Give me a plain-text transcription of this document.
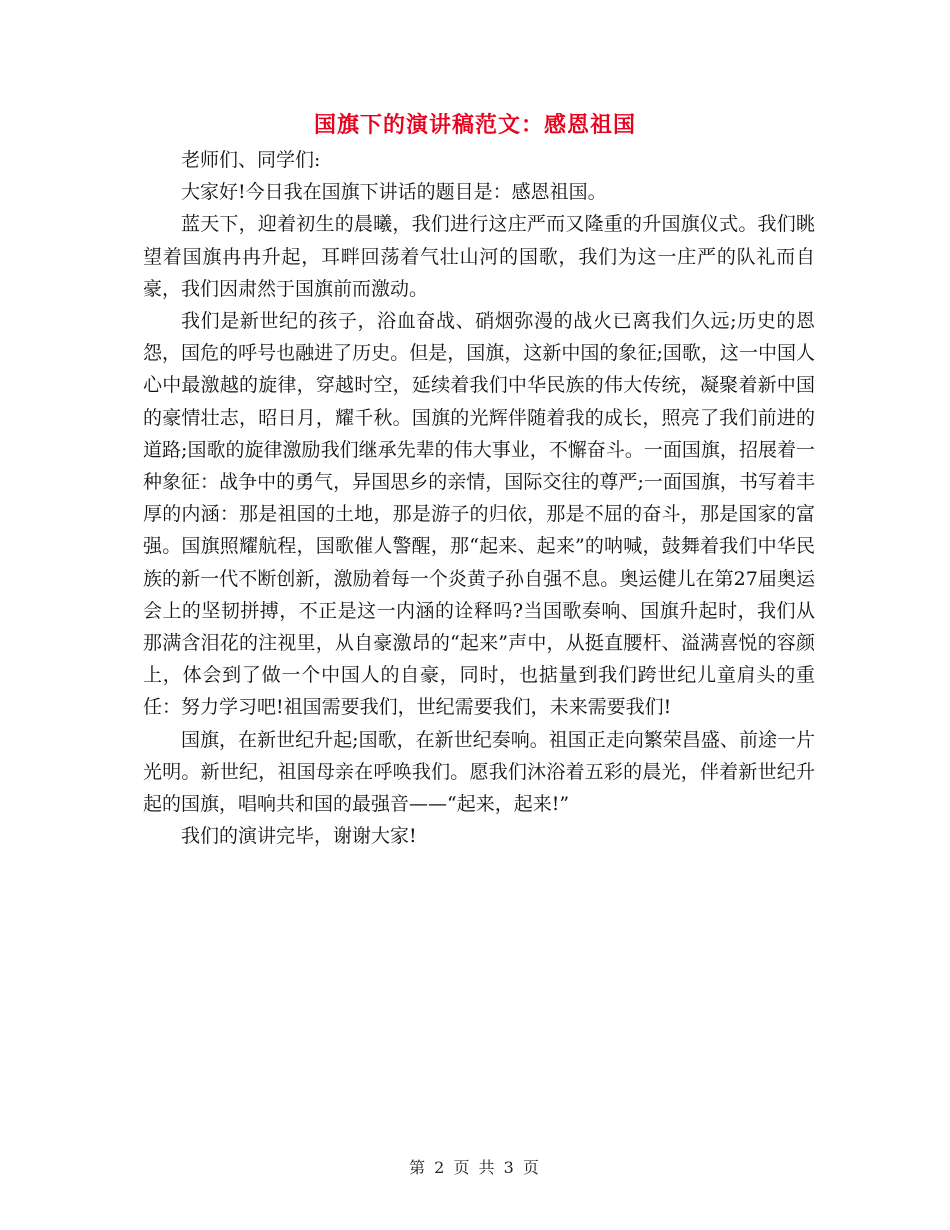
国旗下的演讲稿范文：感恩祖国

老师们、同学们:

大家好!今日我在国旗下讲话的题目是：感恩祖国。

蓝天下，迎着初生的晨曦，我们进行这庄严而又隆重的升国旗仪式。我们眺望着国旗冉冉升起，耳畔回荡着气壮山河的国歌，我们为这一庄严的队礼而自豪，我们因肃然于国旗前而激动。

我们是新世纪的孩子，浴血奋战、硝烟弥漫的战火已离我们久远;历史的恩怨，国危的呼号也融进了历史。但是，国旗，这新中国的象征;国歌，这一中国人心中最激越的旋律，穿越时空，延续着我们中华民族的伟大传统，凝聚着新中国的豪情壮志，昭日月，耀千秋。国旗的光辉伴随着我的成长，照亮了我们前进的道路;国歌的旋律激励我们继承先辈的伟大事业，不懈奋斗。一面国旗，招展着一种象征：战争中的勇气，异国思乡的亲情，国际交往的尊严;一面国旗，书写着丰厚的内涵：那是祖国的土地，那是游子的归依，那是不屈的奋斗，那是国家的富强。国旗照耀航程，国歌催人警醒，那“起来、起来”的呐喊，鼓舞着我们中华民族的新一代不断创新，激励着每一个炎黄子孙自强不息。奥运健儿在第27届奥运会上的坚韧拼搏，不正是这一内涵的诠释吗?当国歌奏响、国旗升起时，我们从那满含泪花的注视里，从自豪激昂的“起来”声中，从挺直腰杆、溢满喜悦的容颜上，体会到了做一个中国人的自豪，同时，也掂量到我们跨世纪儿童肩头的重任：努力学习吧!祖国需要我们，世纪需要我们，未来需要我们!

国旗，在新世纪升起;国歌，在新世纪奏响。祖国正走向繁荣昌盛、前途一片光明。新世纪，祖国母亲在呼唤我们。愿我们沐浴着五彩的晨光，伴着新世纪升起的国旗，唱响共和国的最强音——“起来，起来!”

我们的演讲完毕，谢谢大家!

第 2 页 共 3 页
